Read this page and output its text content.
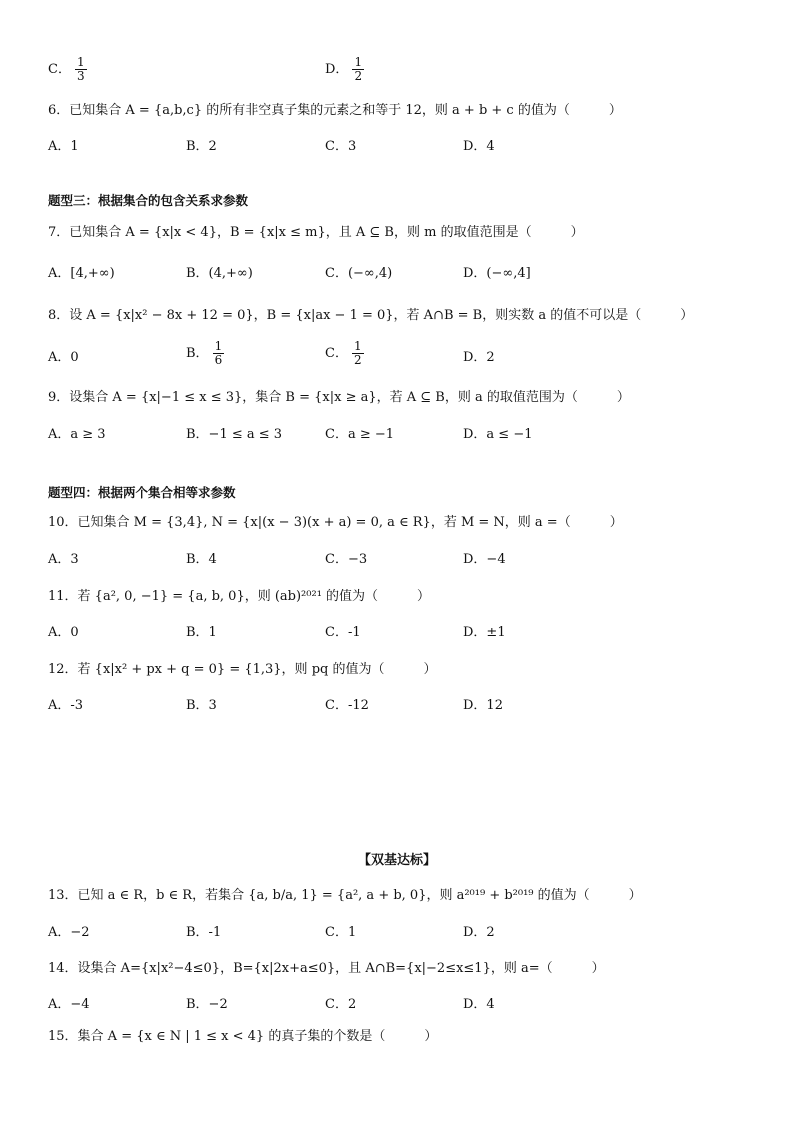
C． $\frac{1}{3}$	D． $\frac{1}{2}$
6．已知集合 A = {a,b,c} 的所有非空真子集的元素之和等于 12，则 a + b + c 的值为（　　　）
A．1	B．2	C．3	D．4
题型三：根据集合的包含关系求参数
7．已知集合 A = {x|x < 4}，B = {x|x ≤ m}，且 A ⊆ B，则 m 的取值范围是（　　　）
A．[4,+∞)	B．(4,+∞)	C．(−∞,4)	D．(−∞,4]
8．设 A = {x|x² − 8x + 12 = 0}，B = {x|ax − 1 = 0}，若 A∩B = B，则实数 a 的值不可以是（　　　）
A．0	B． $\frac{1}{6}$	C． $\frac{1}{2}$	D．2
9．设集合 A = {x|−1 ≤ x ≤ 3}，集合 B = {x|x ≥ a}，若 A ⊆ B，则 a 的取值范围为（　　　）
A．a ≥ 3	B．−1 ≤ a ≤ 3	C．a ≥ −1	D．a ≤ −1
题型四：根据两个集合相等求参数
10．已知集合 M = {3,4}, N = {x|(x − 3)(x + a) = 0, a ∈ R}，若 M = N，则 a =（　　　）
A．3	B．4	C．−3	D．−4
11．若 {a², 0, −1} = {a, b, 0}，则 (ab)²⁰²¹ 的值为（　　　）
A．0	B．1	C．-1	D．±1
12．若 {x|x² + px + q = 0} = {1,3}，则 pq 的值为（　　　）
A．-3	B．3	C．-12	D．12
【双基达标】
13．已知 a ∈ R，b ∈ R，若集合 {a, b/a, 1} = {a², a + b, 0}，则 a²⁰¹⁹ + b²⁰¹⁹ 的值为（　　　）
A．−2	B．-1	C．1	D．2
14．设集合 A={x|x²−4≤0}，B={x|2x+a≤0}，且 A∩B={x|−2≤x≤1}，则 a=（　　　）
A．−4	B．−2	C．2	D．4
15．集合 A = {x ∈ N | 1 ≤ x < 4} 的真子集的个数是（　　　）
